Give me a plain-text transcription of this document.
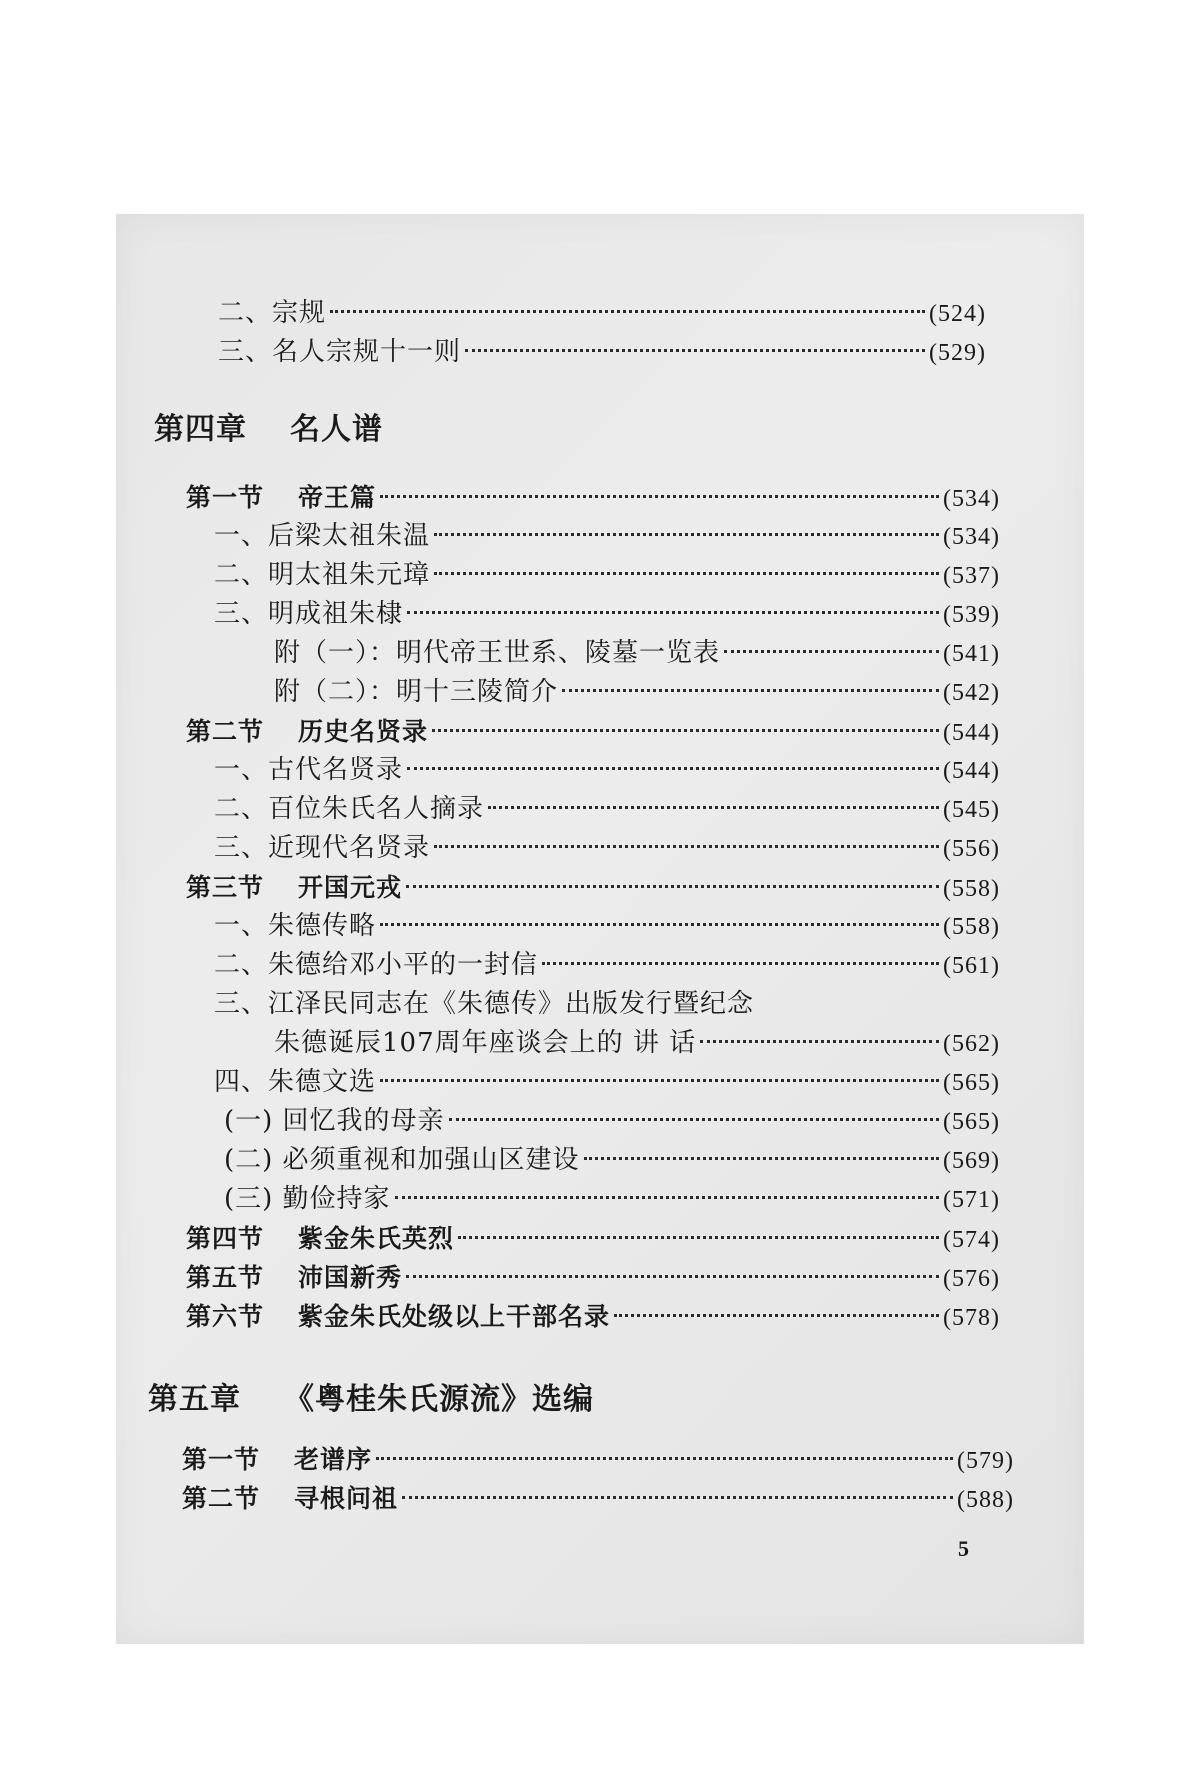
二、宗规	(524)
三、名人宗规十一则	(529)
第四章 名人谱
第一节 帝王篇	(534)
一、后梁太祖朱温	(534)
二、明太祖朱元璋	(537)
三、明成祖朱棣	(539)
附（一）：明代帝王世系、陵墓一览表	(541)
附（二）：明十三陵简介	(542)
第二节 历史名贤录	(544)
一、古代名贤录	(544)
二、百位朱氏名人摘录	(545)
三、近现代名贤录	(556)
第三节 开国元戎	(558)
一、朱德传略	(558)
二、朱德给邓小平的一封信	(561)
三、江泽民同志在《朱德传》出版发行暨纪念
朱德诞辰107周年座谈会上的 讲 话	(562)
四、朱德文选	(565)
(一) 回忆我的母亲	(565)
(二) 必须重视和加强山区建设	(569)
(三) 勤俭持家	(571)
第四节 紫金朱氏英烈	(574)
第五节 沛国新秀	(576)
第六节 紫金朱氏处级以上干部名录	(578)
第五章 《粤桂朱氏源流》选编
第一节 老谱序	(579)
第二节 寻根问祖	(588)
5
